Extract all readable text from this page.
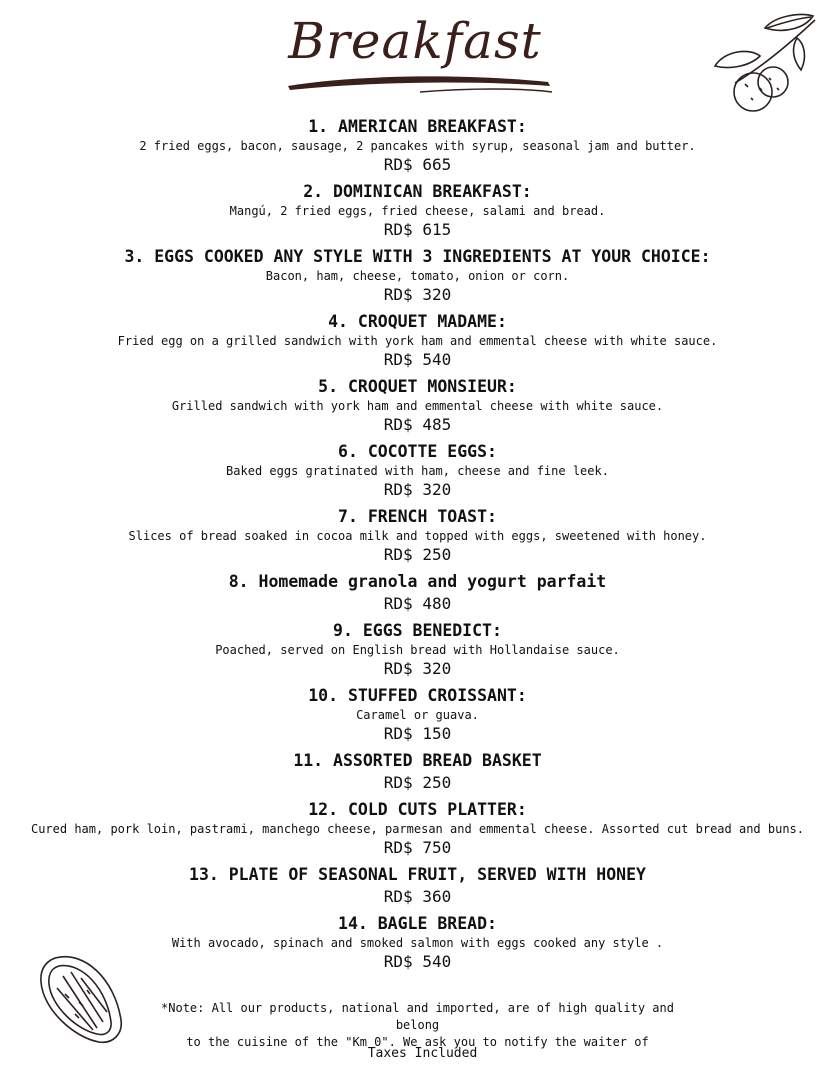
Breakfast
1. AMERICAN BREAKFAST:
2 fried eggs, bacon, sausage, 2 pancakes with syrup, seasonal jam and butter.
RD$ 665
2. DOMINICAN BREAKFAST:
Mangú, 2 fried eggs, fried cheese, salami and bread.
RD$ 615
3. EGGS COOKED ANY STYLE WITH 3 INGREDIENTS AT YOUR CHOICE:
Bacon, ham, cheese, tomato, onion or corn.
RD$ 320
4. CROQUET MADAME:
Fried egg on a grilled sandwich with york ham and emmental cheese with white sauce.
RD$ 540
5. CROQUET MONSIEUR:
Grilled sandwich with york ham and emmental cheese with white sauce.
RD$ 485
6. COCOTTE EGGS:
Baked eggs gratinated with ham, cheese and fine leek.
RD$ 320
7. FRENCH TOAST:
Slices of bread soaked in cocoa milk and topped with eggs, sweetened with honey.
RD$ 250
8. Homemade granola and yogurt parfait
RD$ 480
9. EGGS BENEDICT:
Poached, served on English bread with Hollandaise sauce.
RD$ 320
10. STUFFED CROISSANT:
Caramel or guava.
RD$ 150
11. ASSORTED BREAD BASKET
RD$ 250
12. COLD CUTS PLATTER:
Cured ham, pork loin, pastrami, manchego cheese, parmesan and emmental cheese. Assorted cut bread and buns.
RD$ 750
13. PLATE OF SEASONAL FRUIT, SERVED WITH HONEY
RD$ 360
14. BAGLE BREAD:
With avocado, spinach and smoked salmon with eggs cooked any style .
RD$ 540
*Note: All our products, national and imported, are of high quality and belong
to the cuisine of the "Km 0". We ask you to notify the waiter of
Taxes Included
